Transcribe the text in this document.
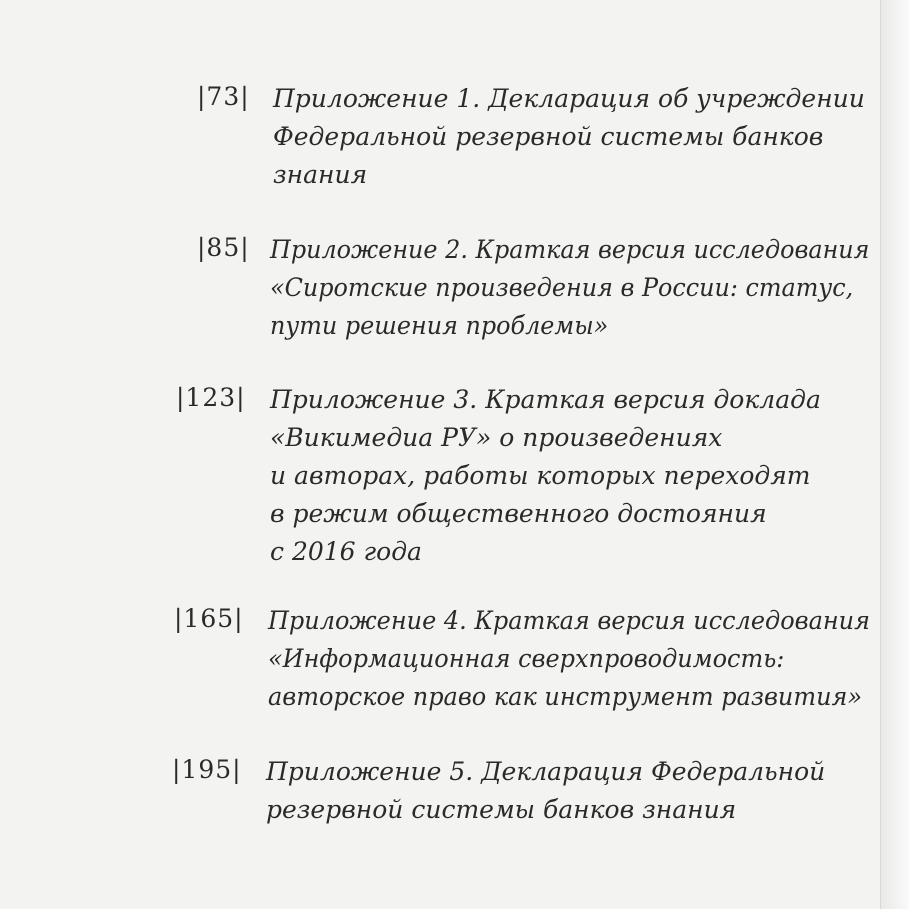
|73| Приложение 1. Декларация об учреждении
Федеральной резервной системы банков
знания
|85| Приложение 2. Краткая версия исследования
«Сиротские произведения в России: статус,
пути решения проблемы»
|123| Приложение 3. Краткая версия доклада
«Викимедиа РУ» о произведениях
и авторах, работы которых переходят
в режим общественного достояния
с 2016 года
|165| Приложение 4. Краткая версия исследования
«Информационная сверхпроводимость:
авторское право как инструмент развития»
|195| Приложение 5. Декларация Федеральной
резервной системы банков знания
